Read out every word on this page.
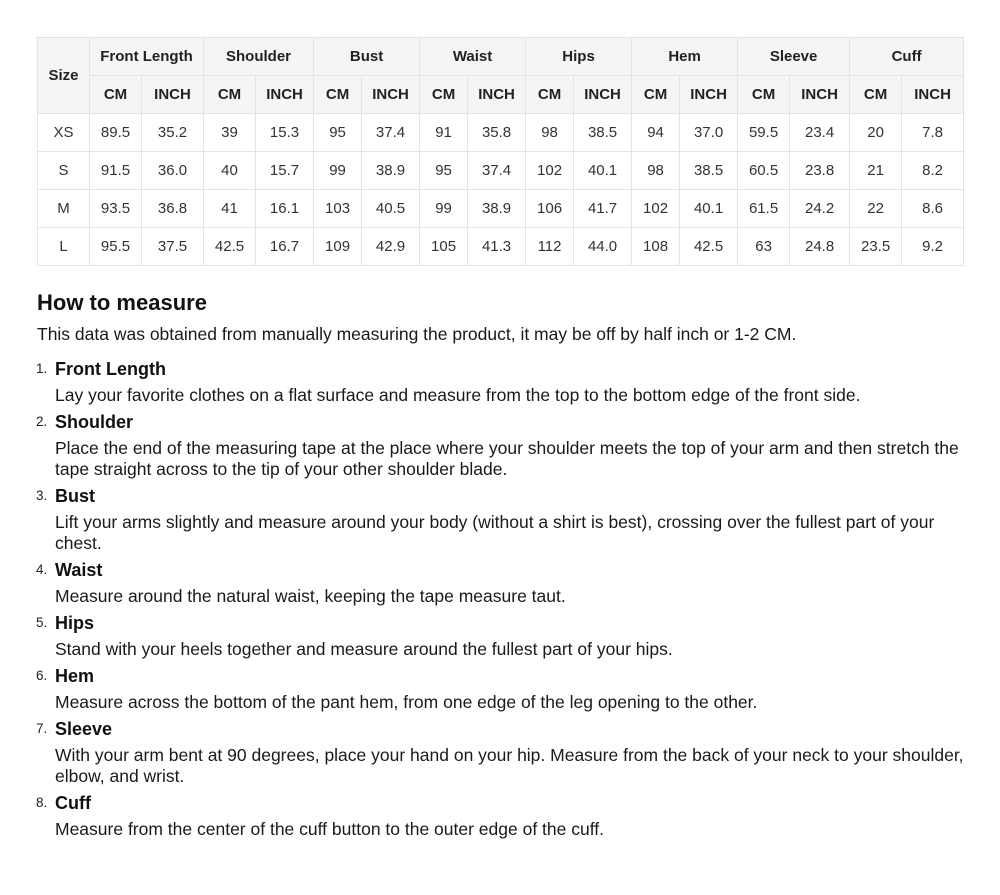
Size	Front Length		Shoulder		Bust		Waist		Hips		Hem		Sleeve		Cuff	
	CM	INCH	CM	INCH	CM	INCH	CM	INCH	CM	INCH	CM	INCH	CM	INCH	CM	INCH
XS	89.5	35.2	39	15.3	95	37.4	91	35.8	98	38.5	94	37.0	59.5	23.4	20	7.8
S	91.5	36.0	40	15.7	99	38.9	95	37.4	102	40.1	98	38.5	60.5	23.8	21	8.2
M	93.5	36.8	41	16.1	103	40.5	99	38.9	106	41.7	102	40.1	61.5	24.2	22	8.6
L	95.5	37.5	42.5	16.7	109	42.9	105	41.3	112	44.0	108	42.5	63	24.8	23.5	9.2
How to measure
This data was obtained from manually measuring the product, it may be off by half inch or 1-2 CM.
1. Front Length
Lay your favorite clothes on a flat surface and measure from the top to the bottom edge of the front side.
2. Shoulder
Place the end of the measuring tape at the place where your shoulder meets the top of your arm and then stretch the tape straight across to the tip of your other shoulder blade.
3. Bust
Lift your arms slightly and measure around your body (without a shirt is best), crossing over the fullest part of your chest.
4. Waist
Measure around the natural waist, keeping the tape measure taut.
5. Hips
Stand with your heels together and measure around the fullest part of your hips.
6. Hem
Measure across the bottom of the pant hem, from one edge of the leg opening to the other.
7. Sleeve
With your arm bent at 90 degrees, place your hand on your hip. Measure from the back of your neck to your shoulder, elbow, and wrist.
8. Cuff
Measure from the center of the cuff button to the outer edge of the cuff.
